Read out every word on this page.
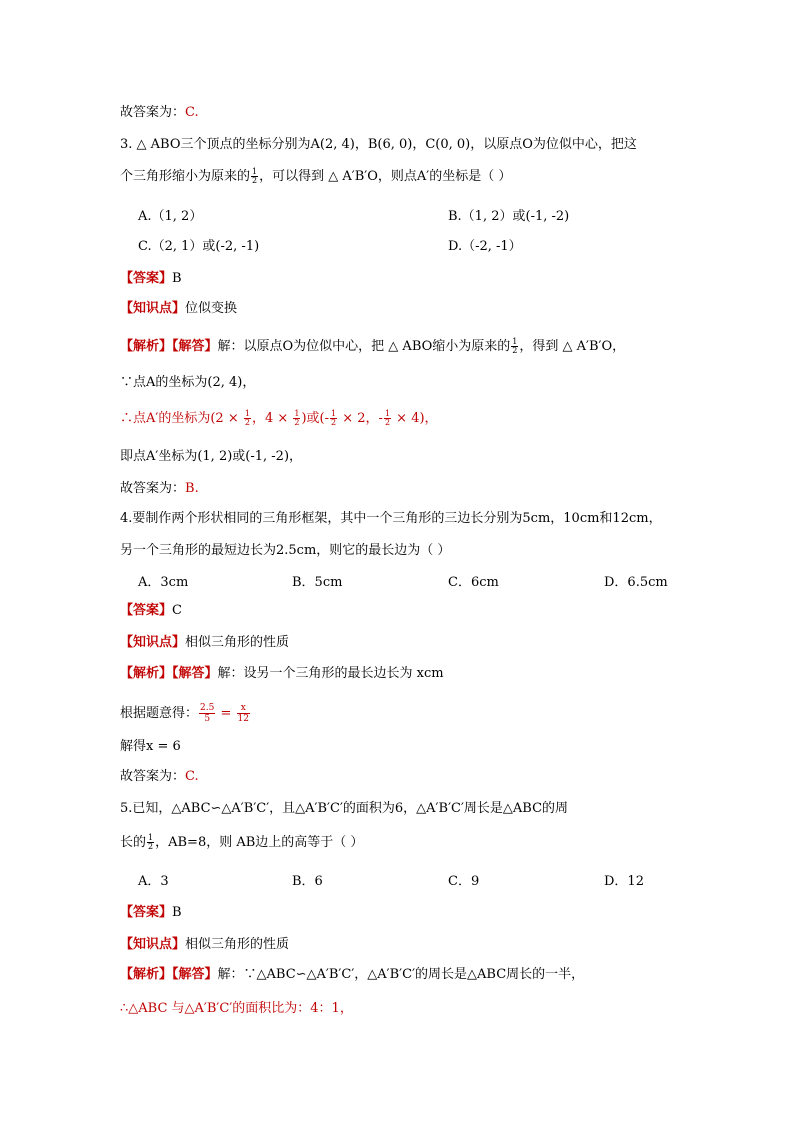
故答案为：C.
3. △ ABO三个顶点的坐标分别为A(2, 4)，B(6, 0)，C(0, 0)，以原点O为位似中心，把这
个三角形缩小为原来的 $\frac{1}{2}$ ，可以得到 △ A′B′O，则点A′的坐标是（ ）
A.（1, 2）	B.（1, 2）或(-1, -2)
C.（2, 1）或(-2, -1)	D.（-2, -1）
【答案】B
【知识点】位似变换
【解析】【解答】解：以原点O为位似中心，把 △ ABO缩小为原来的 $\frac{1}{2}$ ，得到 △ A′B′O，
∵点A的坐标为(2, 4)，
∴点A′的坐标为($2 \times \frac{1}{2}$ ，$4 \times \frac{1}{2}$ )或(- $\frac{1}{2} \times 2$，- $\frac{1}{2} \times 4$)，
即点A′坐标为(1, 2)或(-1, -2)，
故答案为：B.
4.要制作两个形状相同的三角形框架，其中一个三角形的三边长分别为5cm，10cm和12cm，
另一个三角形的最短边长为2.5cm，则它的最长边为（ ）
A．3cm	B．5cm	C．6cm	D．6.5cm
【答案】C
【知识点】相似三角形的性质
【解析】【解答】解：设另一个三角形的最长边长为 xcm
根据题意得： $\frac{2.5}{5} = \frac{x}{12}$
解得x = 6
故答案为：C.
5.已知，△ABC∽△A′B′C′，且△A′B′C′的面积为6，△A′B′C′周长是△ABC的周
长的 $\frac{1}{2}$ ，AB=8，则 AB边上的高等于（ ）
A．3	B．6	C．9	D．12
【答案】B
【知识点】相似三角形的性质
【解析】【解答】解：∵△ABC∽△A′B′C′，△A′B′C′的周长是△ABC周长的一半，
∴△ABC 与△A′B′C′的面积比为：4：1，
